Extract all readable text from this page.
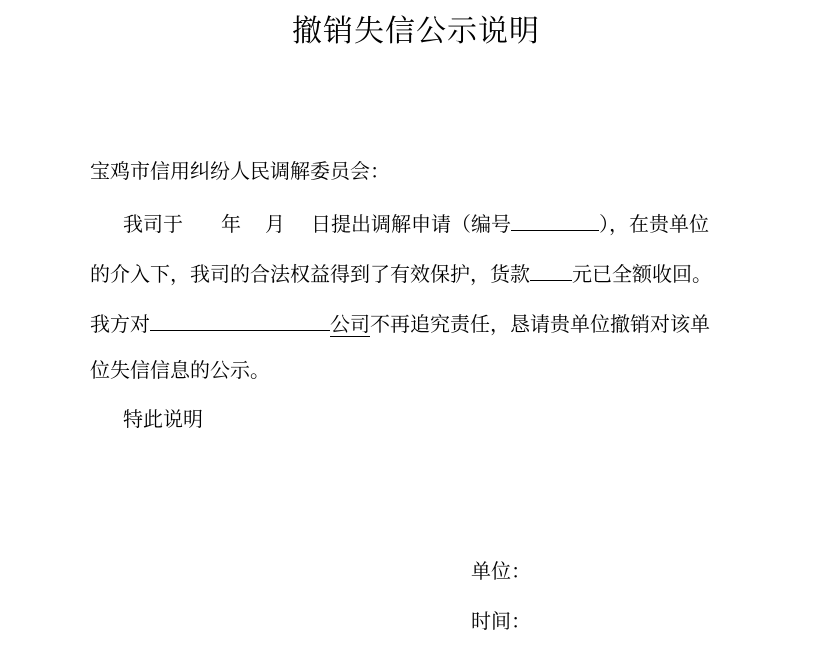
撤销失信公示说明
宝鸡市信用纠纷人民调解委员会：
我司于 年 月 日提出调解申请（编号	），在贵单位
的介入下，我司的合法权益得到了有效保护，货款 元已全额收回。
我方对	公司不再追究责任，恳请贵单位撤销对该单
位失信信息的公示。
特此说明
单位：
时间：
